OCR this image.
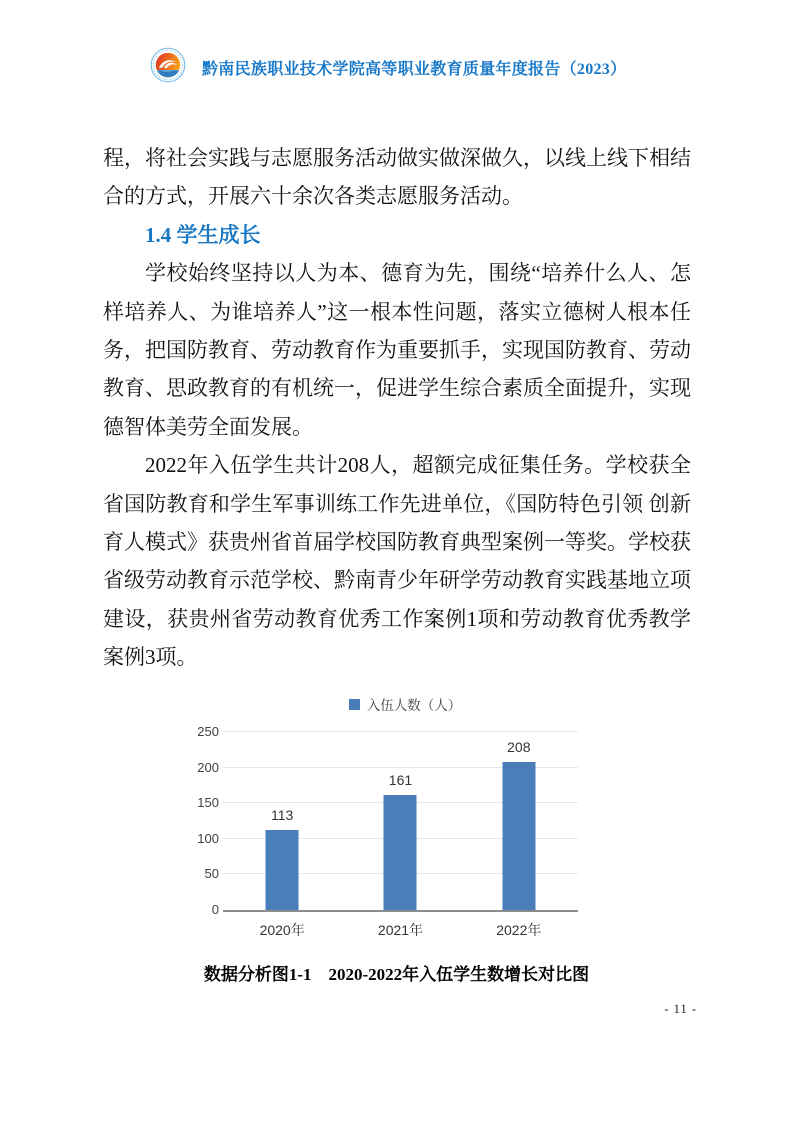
黔南民族职业技术学院高等职业教育质量年度报告（2023）

程，将社会实践与志愿服务活动做实做深做久，以线上线下相结合的方式，开展六十余次各类志愿服务活动。

1.4 学生成长

学校始终坚持以人为本、德育为先，围绕“培养什么人、怎样培养人、为谁培养人”这一根本性问题，落实立德树人根本任务，把国防教育、劳动教育作为重要抓手，实现国防教育、劳动教育、思政教育的有机统一，促进学生综合素质全面提升，实现德智体美劳全面发展。

2022年入伍学生共计208人，超额完成征集任务。学校获全省国防教育和学生军事训练工作先进单位，《国防特色引领 创新育人模式》获贵州省首届学校国防教育典型案例一等奖。学校获省级劳动教育示范学校、黔南青少年研学劳动教育实践基地立项建设，获贵州省劳动教育优秀工作案例1项和劳动教育优秀教学案例3项。

入伍人数（人）
113
161
208
2020年	2021年	2022年
0
50
100
150
200
250
数据分析图1-1　2020-2022年入伍学生数增长对比图
- 11 -
